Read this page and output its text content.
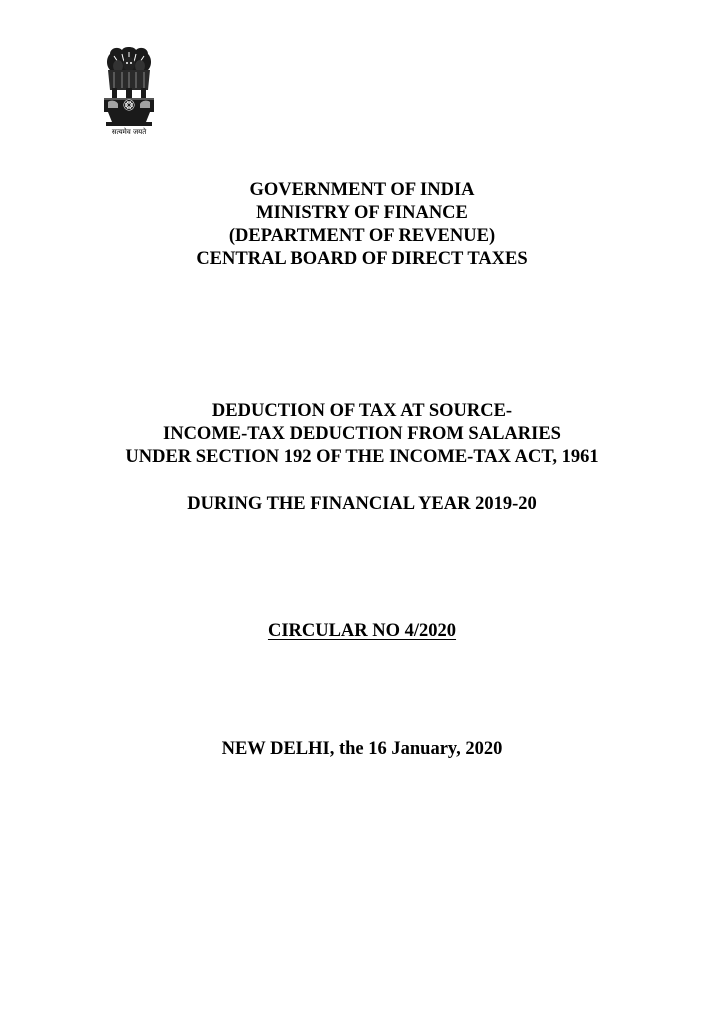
सत्यमेव जयते
GOVERNMENT OF INDIA
MINISTRY OF FINANCE
(DEPARTMENT OF REVENUE)
CENTRAL BOARD OF DIRECT TAXES
DEDUCTION OF TAX AT SOURCE-
INCOME-TAX DEDUCTION FROM SALARIES
UNDER SECTION 192 OF THE INCOME-TAX ACT, 1961
DURING THE FINANCIAL YEAR 2019-20
CIRCULAR NO 4/2020
NEW DELHI, the 16 January, 2020
